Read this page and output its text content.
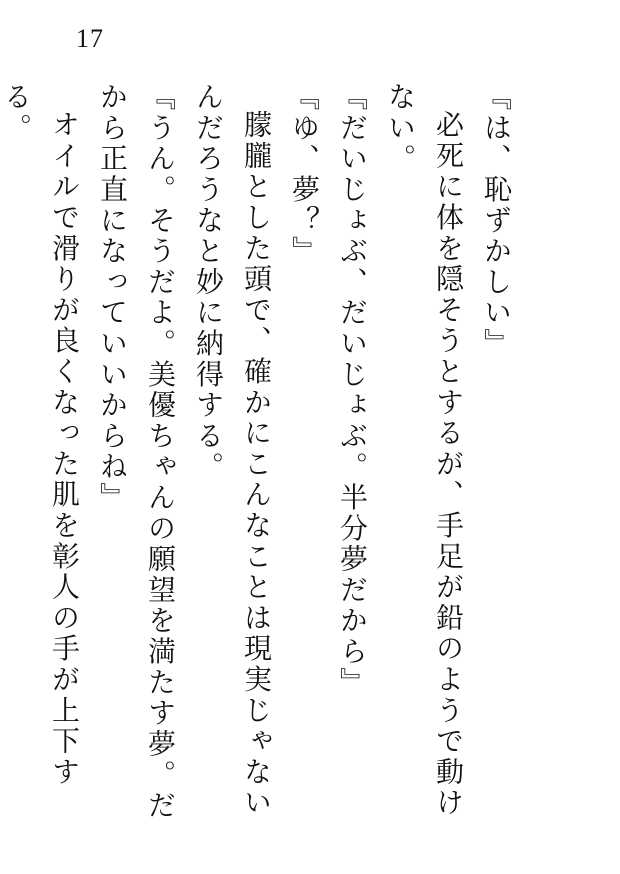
17

『は、恥ずかしい』

必死に体を隠そうとするが、手足が鉛のようで動けない。

『だいじょぶ、だいじょぶ。半分夢だから』

『ゆ、夢？』

朦朧とした頭で、確かにこんなことは現実じゃないんだろうなと妙に納得する。

『うん。そうだよ。美優ちゃんの願望を満たす夢。だから正直になっていいからね』

オイルで滑りが良くなった肌を彰人の手が上下する。
